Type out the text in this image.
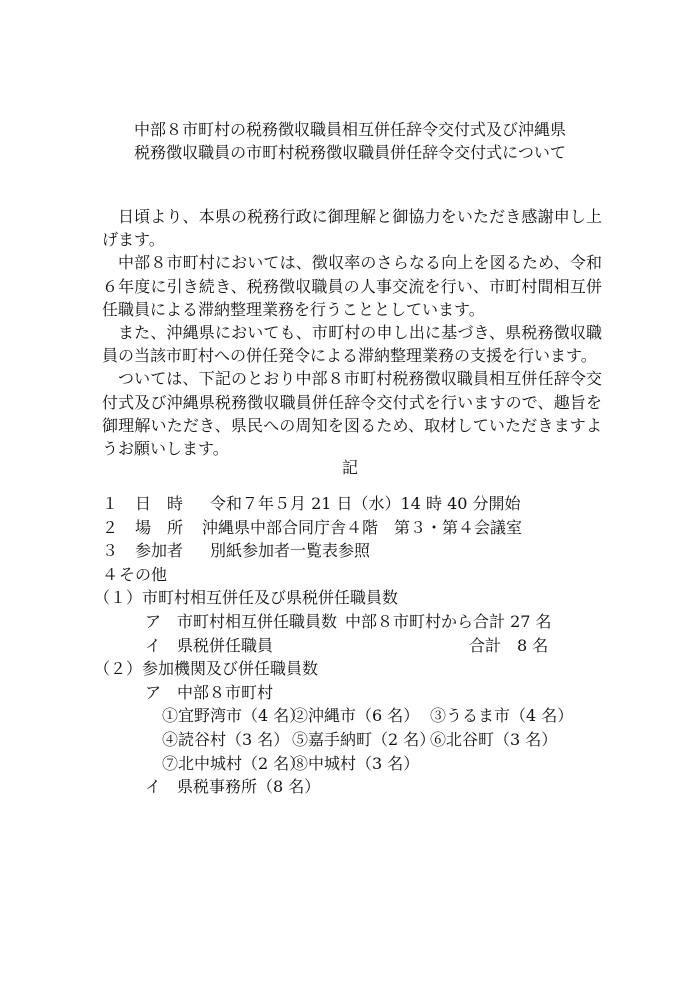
中部８市町村の税務徴収職員相互併任辞令交付式及び沖縄県
税務徴収職員の市町村税務徴収職員併任辞令交付式について

日頃より、本県の税務行政に御理解と御協力をいただき感謝申し上げます。

中部８市町村においては、徴収率のさらなる向上を図るため、令和６年度に引き続き、税務徴収職員の人事交流を行い、市町村間相互併任職員による滞納整理業務を行うこととしています。

また、沖縄県においても、市町村の申し出に基づき、県税務徴収職員の当該市町村への併任発令による滞納整理業務の支援を行います。

ついては、下記のとおり中部８市町村税務徴収職員相互併任辞令交付式及び沖縄県税務徴収職員併任辞令交付式を行いますので、趣旨を御理解いただき、県民への周知を図るため、取材していただきますようお願いします。

記
１ 日　時 令和７年５月 21 日（水）14 時 40 分開始
２ 場　所 沖縄県中部合同庁舎４階　第３・第４会議室
３ 参加者 別紙参加者一覧表参照
４ その他
（１）市町村相互併任及び県税併任職員数
ア　市町村相互併任職員数 中部８市町村から合計 27 名
イ　県税併任職員	合計　8 名
（２）参加機関及び併任職員数
ア　中部８市町村
①宜野湾市（4 名）
②沖縄市（6 名） ③うるま市（4 名）
④読谷村（3 名） ⑤嘉手納町（2 名）
⑥北谷町（3 名）
⑦北中城村（2 名）
⑧中城村（3 名）
イ　県税事務所（8 名）
